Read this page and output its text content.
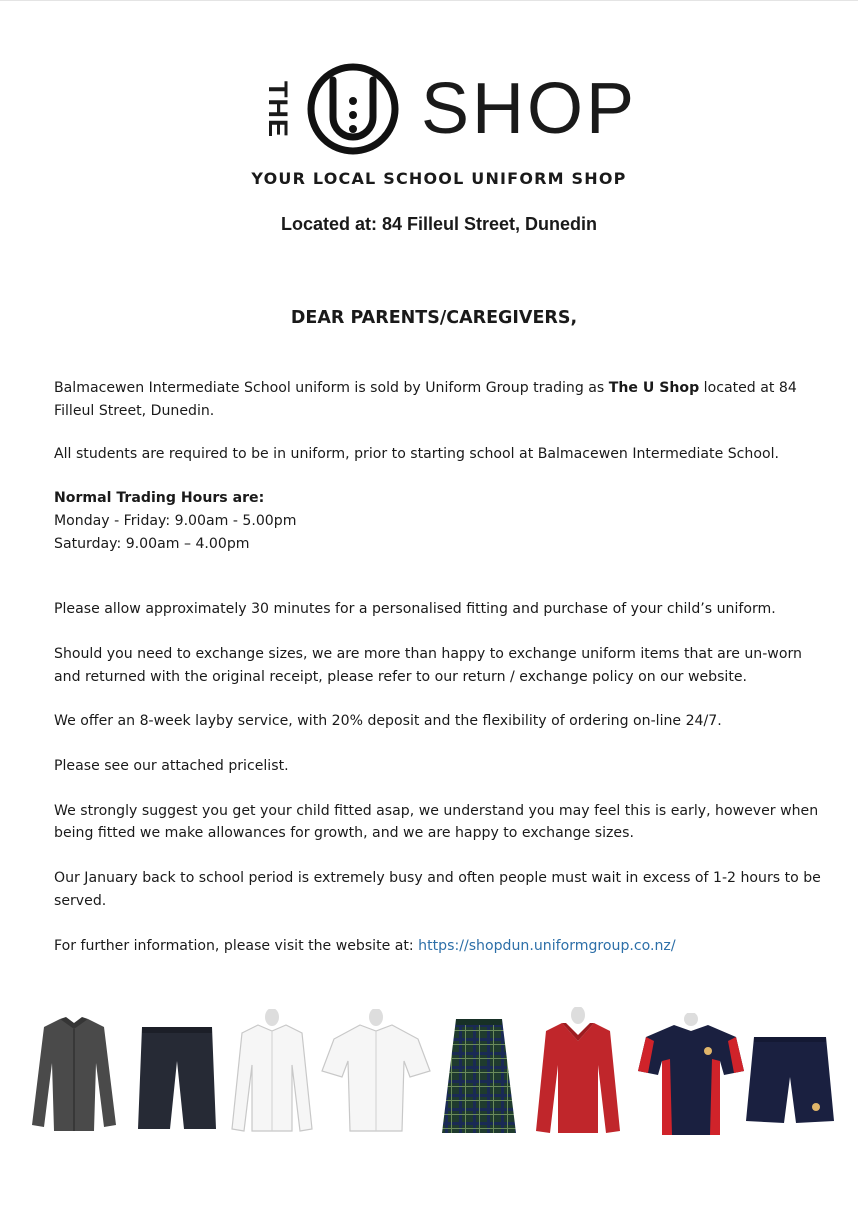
THE
U
SHOP
YOUR LOCAL SCHOOL UNIFORM SHOP
Located at: 84 Filleul Street, Dunedin
DEAR PARENTS/CAREGIVERS,

Balmacewen Intermediate School uniform is sold by Uniform Group trading as The U Shop located at 84
Filleul Street, Dunedin.

All students are required to be in uniform, prior to starting school at Balmacewen Intermediate School.

Normal Trading Hours are:
Monday - Friday: 9.00am - 5.00pm
Saturday: 9.00am – 4.00pm

Please allow approximately 30 minutes for a personalised fitting and purchase of your child’s uniform.

Should you need to exchange sizes, we are more than happy to exchange uniform items that are un-worn
and returned with the original receipt, please refer to our return / exchange policy on our website.

We offer an 8-week layby service, with 20% deposit and the flexibility of ordering on-line 24/7.

Please see our attached pricelist.

We strongly suggest you get your child fitted asap, we understand you may feel this is early, however when
being fitted we make allowances for growth, and we are happy to exchange sizes.

Our January back to school period is extremely busy and often people must wait in excess of 1-2 hours to be
served.

For further information, please visit the website at: https://shopdun.uniformgroup.co.nz/
